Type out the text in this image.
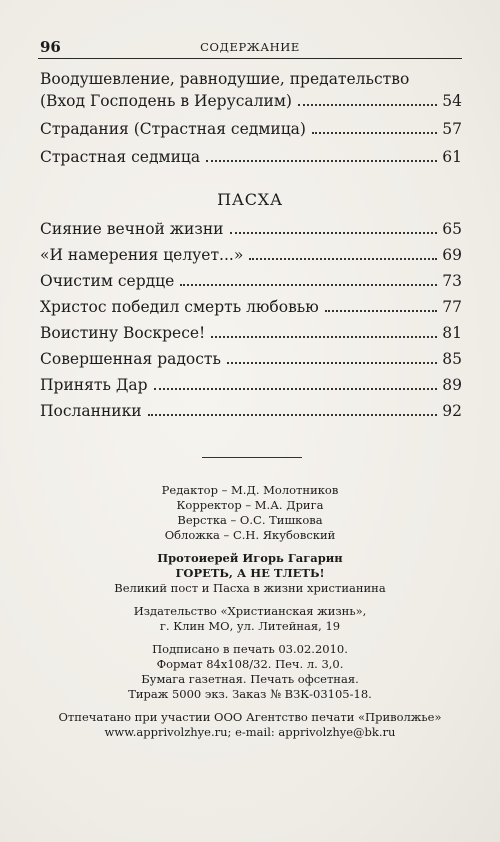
96	СОДЕРЖАНИЕ
Воодушевление, равнодушие, предательство
(Вход Господень в Иерусалим)	54
Страдания (Страстная седмица)	57
Страстная седмица	61
ПАСХА
Сияние вечной жизни	65
«И намерения целует...»	69
Очистим сердце	73
Христос победил смерть любовью	77
Воистину Воскресе!	81
Совершенная радость	85
Принять Дар	89
Посланники	92
Редактор – М.Д. Молотников
Корректор – М.А. Дрига
Верстка – О.С. Тишкова
Обложка – С.Н. Якубовский
Протоиерей Игорь Гагарин
ГОРЕТЬ, А НЕ ТЛЕТЬ!
Великий пост и Пасха в жизни христианина
Издательство «Христианская жизнь»,
г. Клин МО, ул. Литейная, 19
Подписано в печать 03.02.2010.
Формат 84x108/32. Печ. л. 3,0.
Бумага газетная. Печать офсетная.
Тираж 5000 экз. Заказ № ВЗК-03105-18.
Отпечатано при участии ООО Агентство печати «Приволжье»
www.apprivolzhye.ru; e-mail: apprivolzhye@bk.ru
